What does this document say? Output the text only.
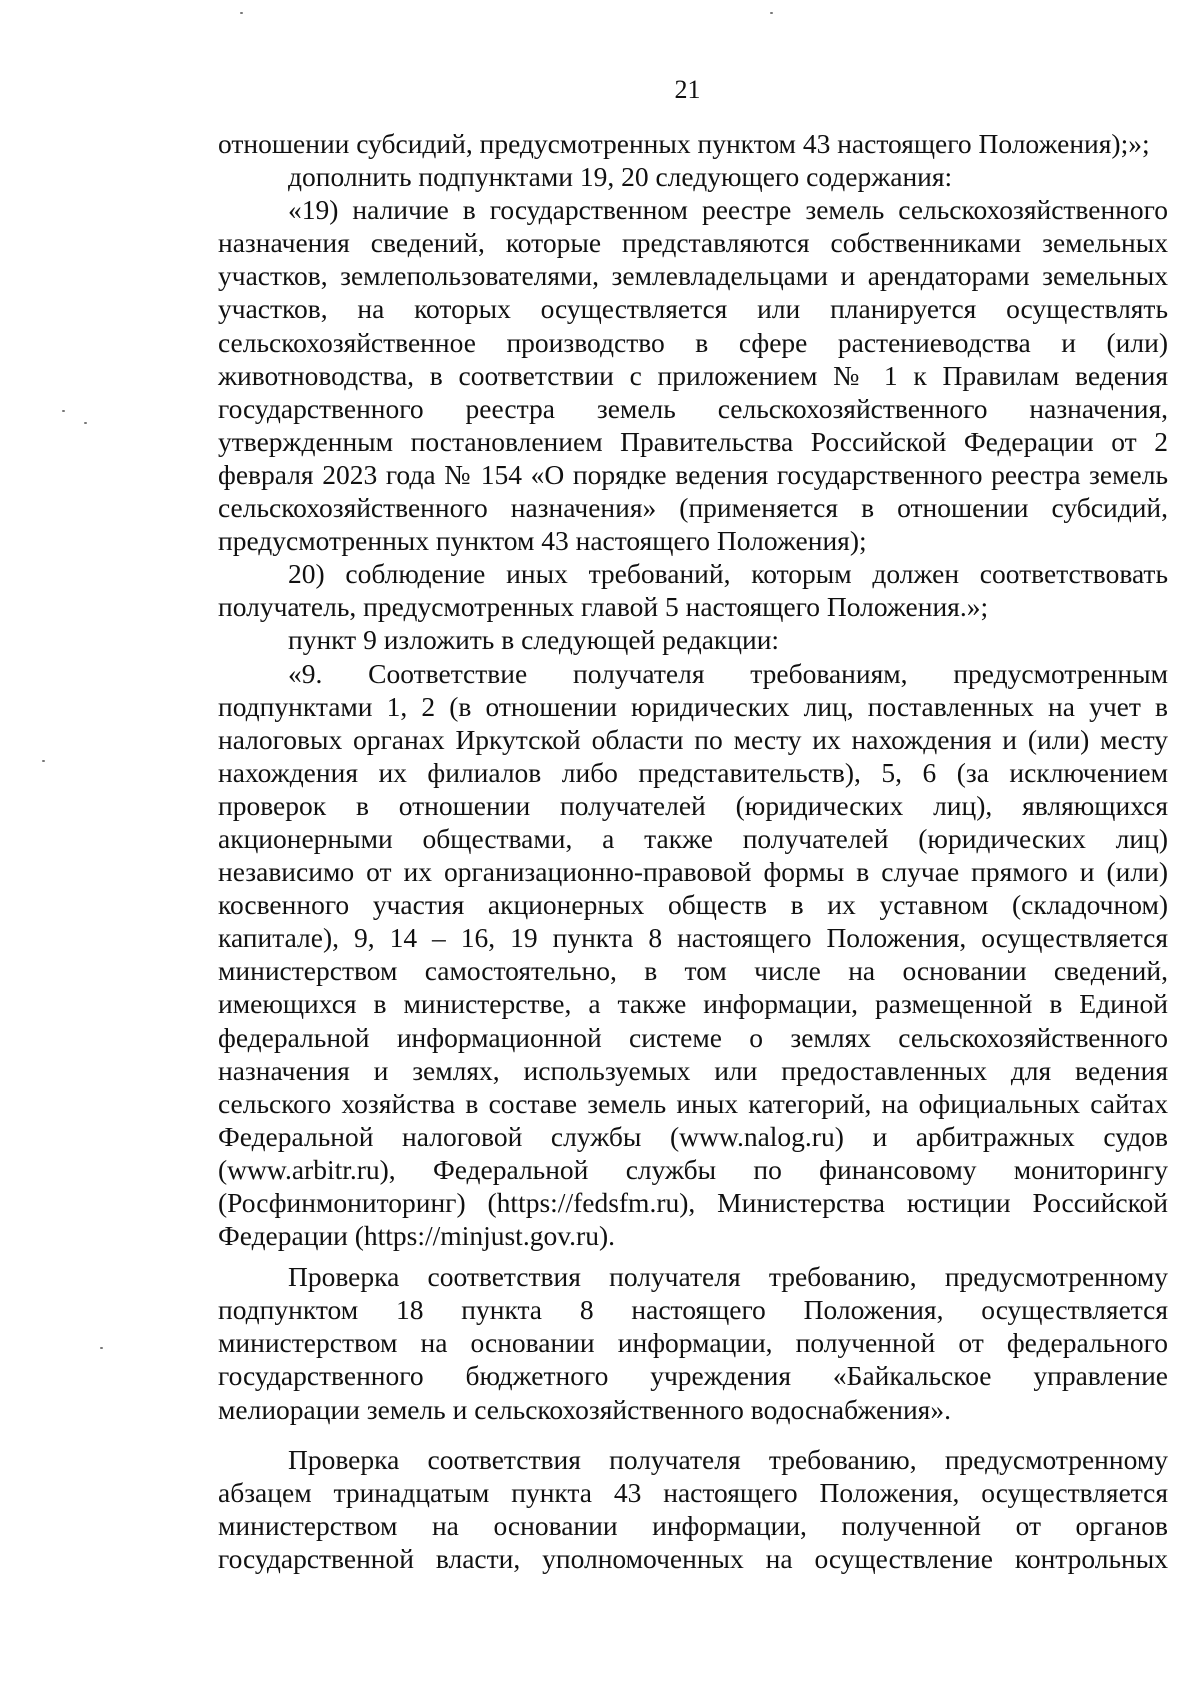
21

отношении субсидий, предусмотренных пунктом 43 настоящего Положения);»;

дополнить подпунктами 19, 20 следующего содержания:

«19) наличие в государственном реестре земель сельскохозяйственного назначения сведений, которые представляются собственниками земельных участков, землепользователями, землевладельцами и арендаторами земельных участков, на которых осуществляется или планируется осуществлять сельскохозяйственное производство в сфере растениеводства и (или) животноводства, в соответствии с приложением № 1 к Правилам ведения государственного реестра земель сельскохозяйственного назначения, утвержденным постановлением Правительства Российской Федерации от 2 февраля 2023 года № 154 «О порядке ведения государственного реестра земель сельскохозяйственного назначения» (применяется в отношении субсидий, предусмотренных пунктом 43 настоящего Положения);

20) соблюдение иных требований, которым должен соответствовать получатель, предусмотренных главой 5 настоящего Положения.»;

пункт 9 изложить в следующей редакции:

«9. Соответствие получателя требованиям, предусмотренным подпунктами 1, 2 (в отношении юридических лиц, поставленных на учет в налоговых органах Иркутской области по месту их нахождения и (или) месту нахождения их филиалов либо представительств), 5, 6 (за исключением проверок в отношении получателей (юридических лиц), являющихся акционерными обществами, а также получателей (юридических лиц) независимо от их организационно-правовой формы в случае прямого и (или) косвенного участия акционерных обществ в их уставном (складочном) капитале), 9, 14 – 16, 19 пункта 8 настоящего Положения, осуществляется министерством самостоятельно, в том числе на основании сведений, имеющихся в министерстве, а также информации, размещенной в Единой федеральной информационной системе о землях сельскохозяйственного назначения и землях, используемых или предоставленных для ведения сельского хозяйства в составе земель иных категорий, на официальных сайтах Федеральной налоговой службы (www.nalog.ru) и арбитражных судов (www.arbitr.ru), Федеральной службы по финансовому мониторингу (Росфинмониторинг) (https://fedsfm.ru), Министерства юстиции Российской Федерации (https://minjust.gov.ru).

Проверка соответствия получателя требованию, предусмотренному подпунктом 18 пункта 8 настоящего Положения, осуществляется министерством на основании информации, полученной от федерального государственного бюджетного учреждения «Байкальское управление мелиорации земель и сельскохозяйственного водоснабжения».

Проверка соответствия получателя требованию, предусмотренному абзацем тринадцатым пункта 43 настоящего Положения, осуществляется министерством на основании информации, полученной от органов государственной власти, уполномоченных на осуществление контрольных
